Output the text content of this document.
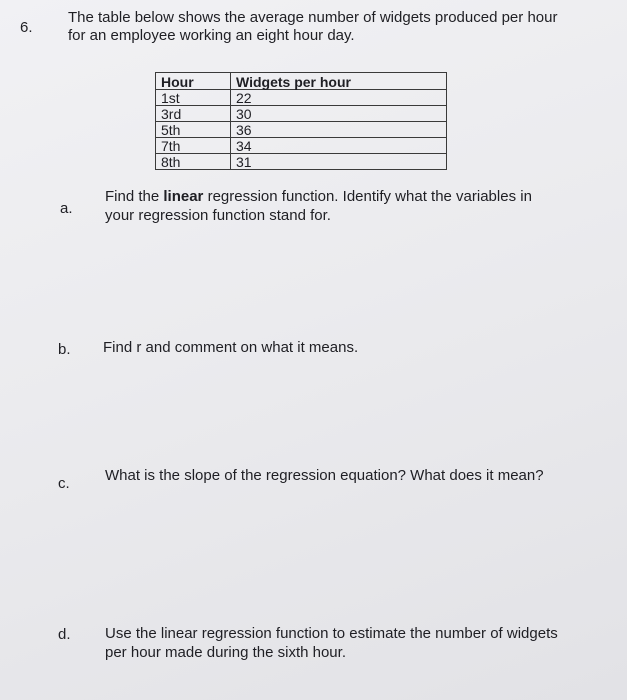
6.
The table below shows the average number of widgets produced per hour
for an employee working an eight hour day.
Hour	Widgets per hour
1st	22
3rd	30
5th	36
7th	34
8th	31
a.
Find the linear regression function. Identify what the variables in
your regression function stand for.
b. Find r and comment on what it means.
c. What is the slope of the regression equation? What does it mean?
d. Use the linear regression function to estimate the number of widgets
per hour made during the sixth hour.
